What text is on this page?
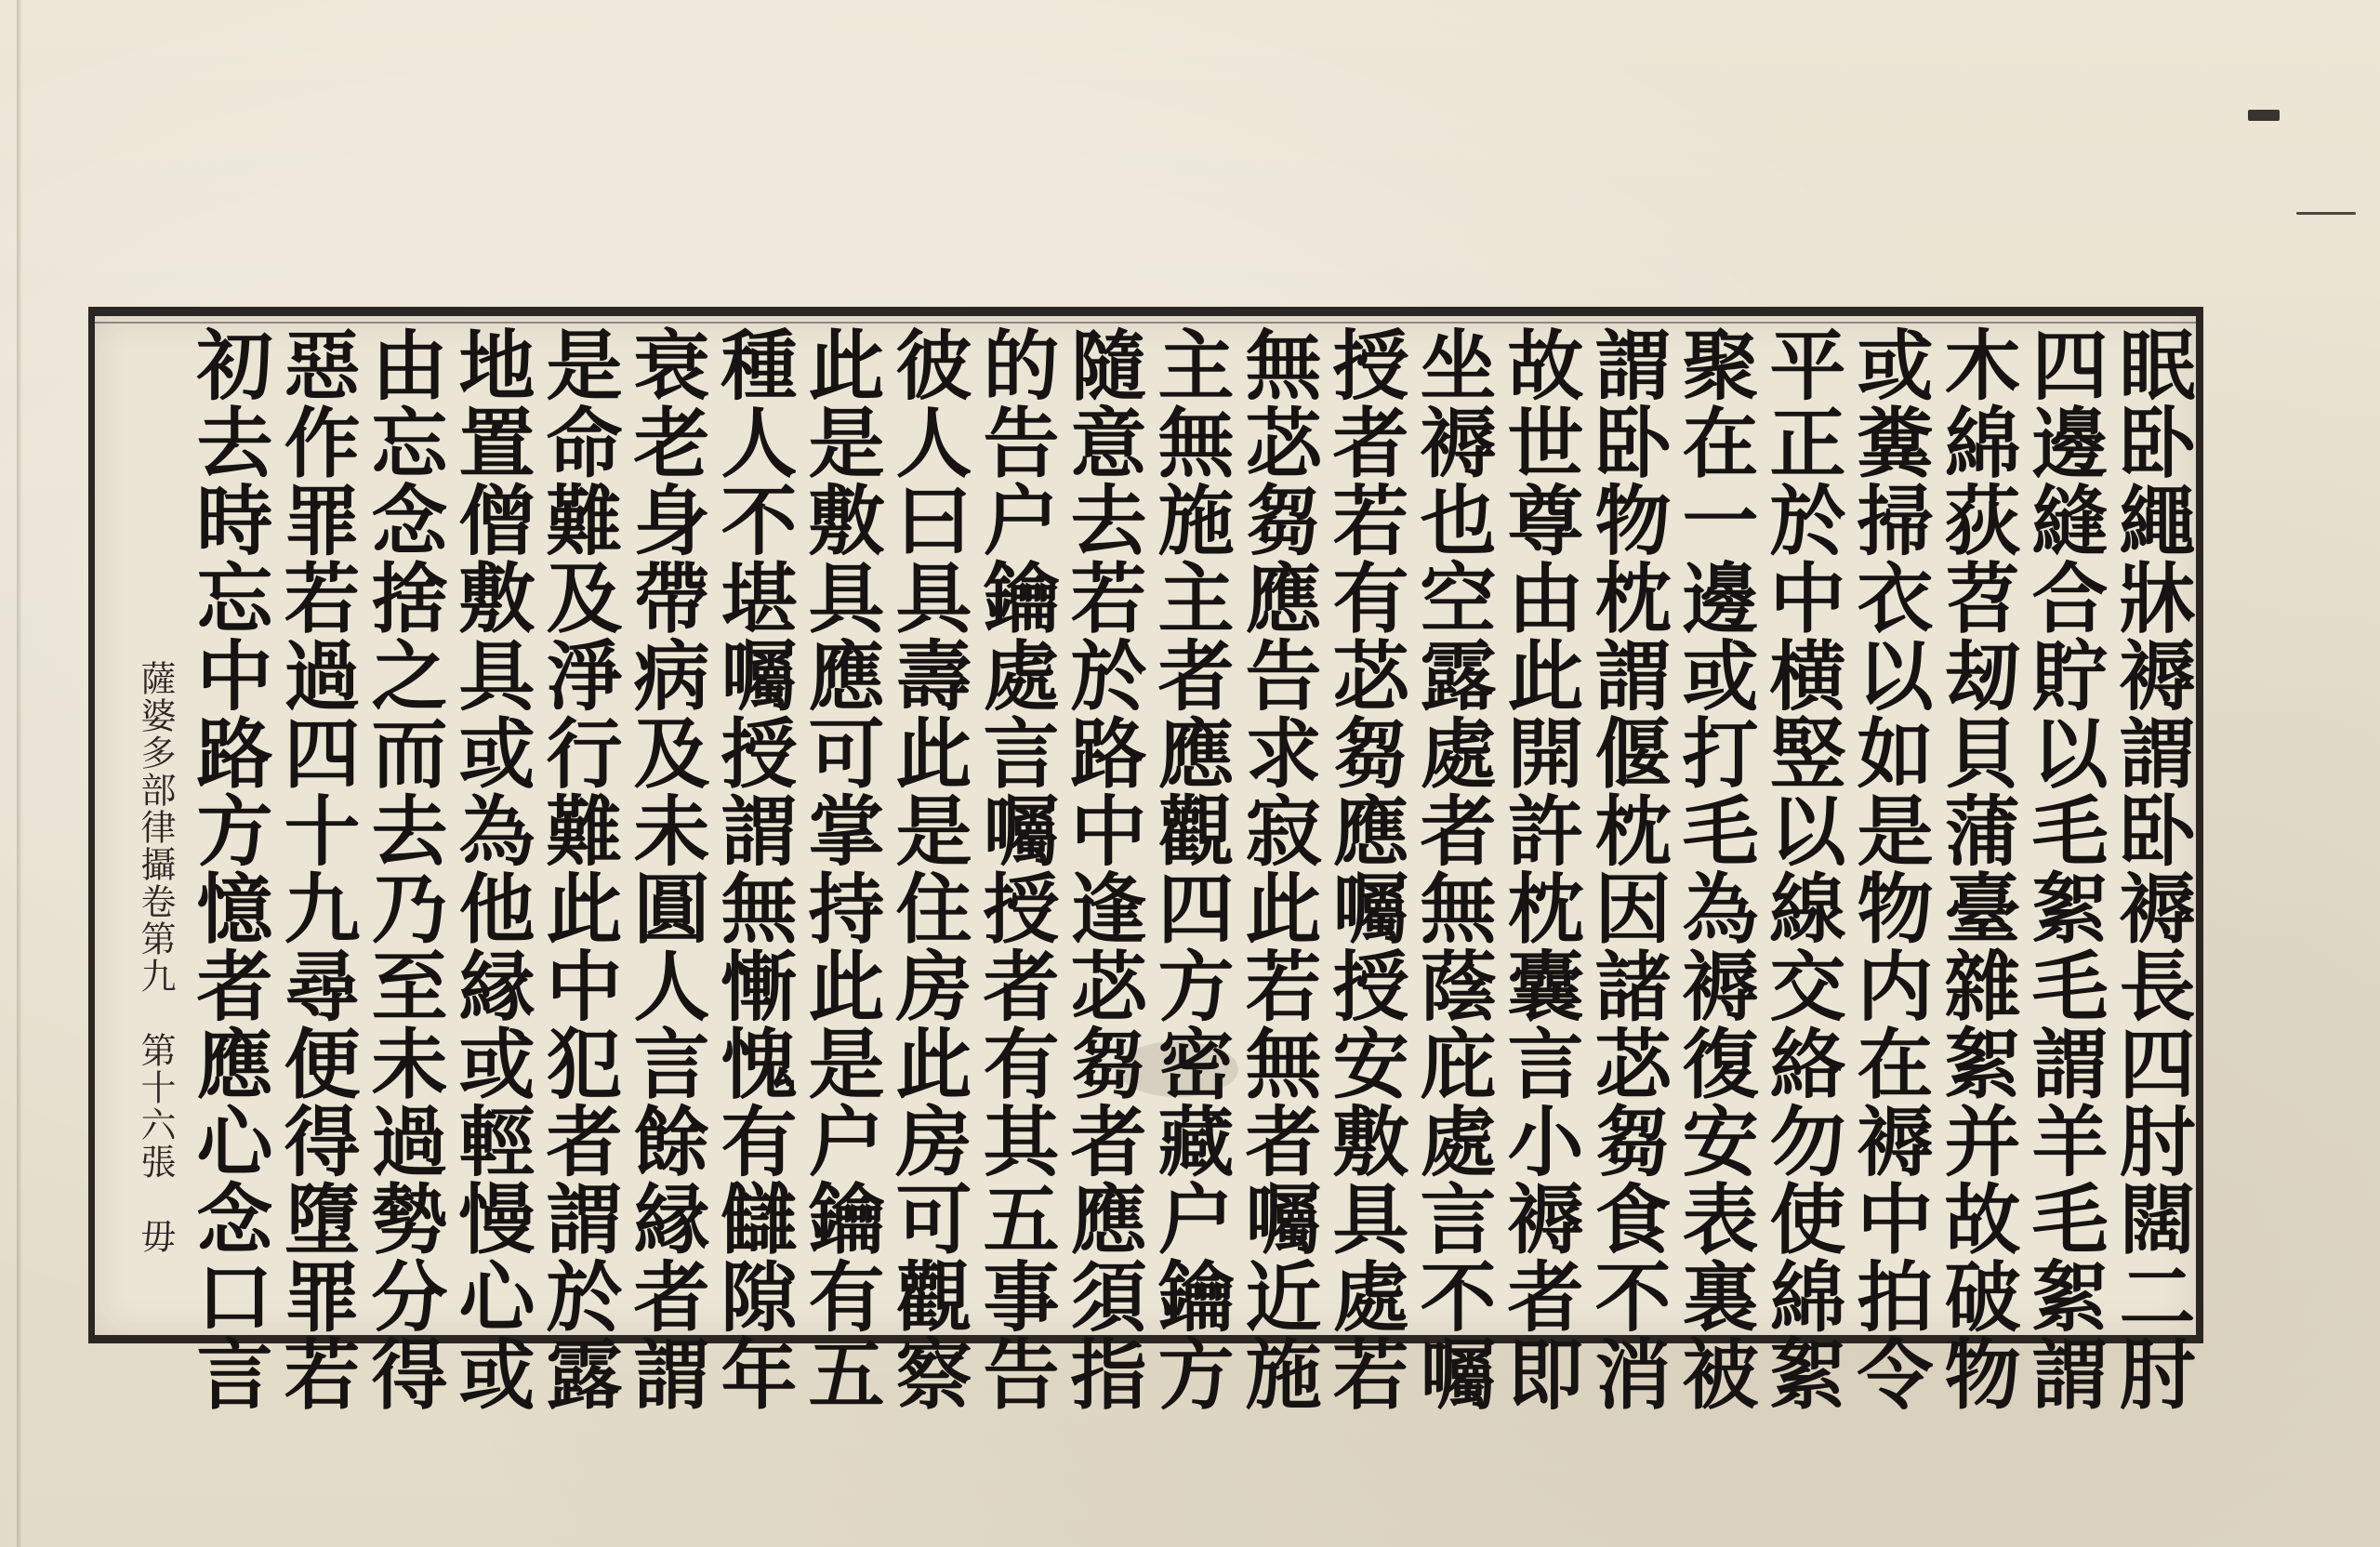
眠卧繩牀褥謂卧褥長四肘闊二肘
四邊縫合貯以毛絮毛謂羊毛絮謂
木綿荻苕刼貝蒲臺雜絮并故破物
或糞掃衣以如是物内在褥中拍令
平正於中横竪以線交絡勿使綿絮
聚在一邊或打毛為褥復安表裏被
謂卧物枕謂偃枕因諸苾芻食不消
故世尊由此開許枕囊言小褥者即
坐褥也空露處者無蔭庇處言不囑
授者若有苾芻應囑授安敷具處若
無苾芻應告求寂此若無者囑近施
主無施主者應觀四方密藏户鑰方
隨意去若於路中逢苾芻者應須指
的告户鑰處言囑授者有其五事告
彼人曰具壽此是住房此房可觀察
此是敷具應可掌持此是户鑰有五
種人不堪囑授謂無慚愧有讎隙年
衰老身帶病及未圓人言餘縁者謂
是命難及淨行難此中犯者謂於露
地置僧敷具或為他縁或輕慢心或
由忘念捨之而去乃至未過勢分得
惡作罪若過四十九尋便得墮罪若
初去時忘中路方憶者應心念口言
薩婆多部律攝卷第九　第十六張　毋
